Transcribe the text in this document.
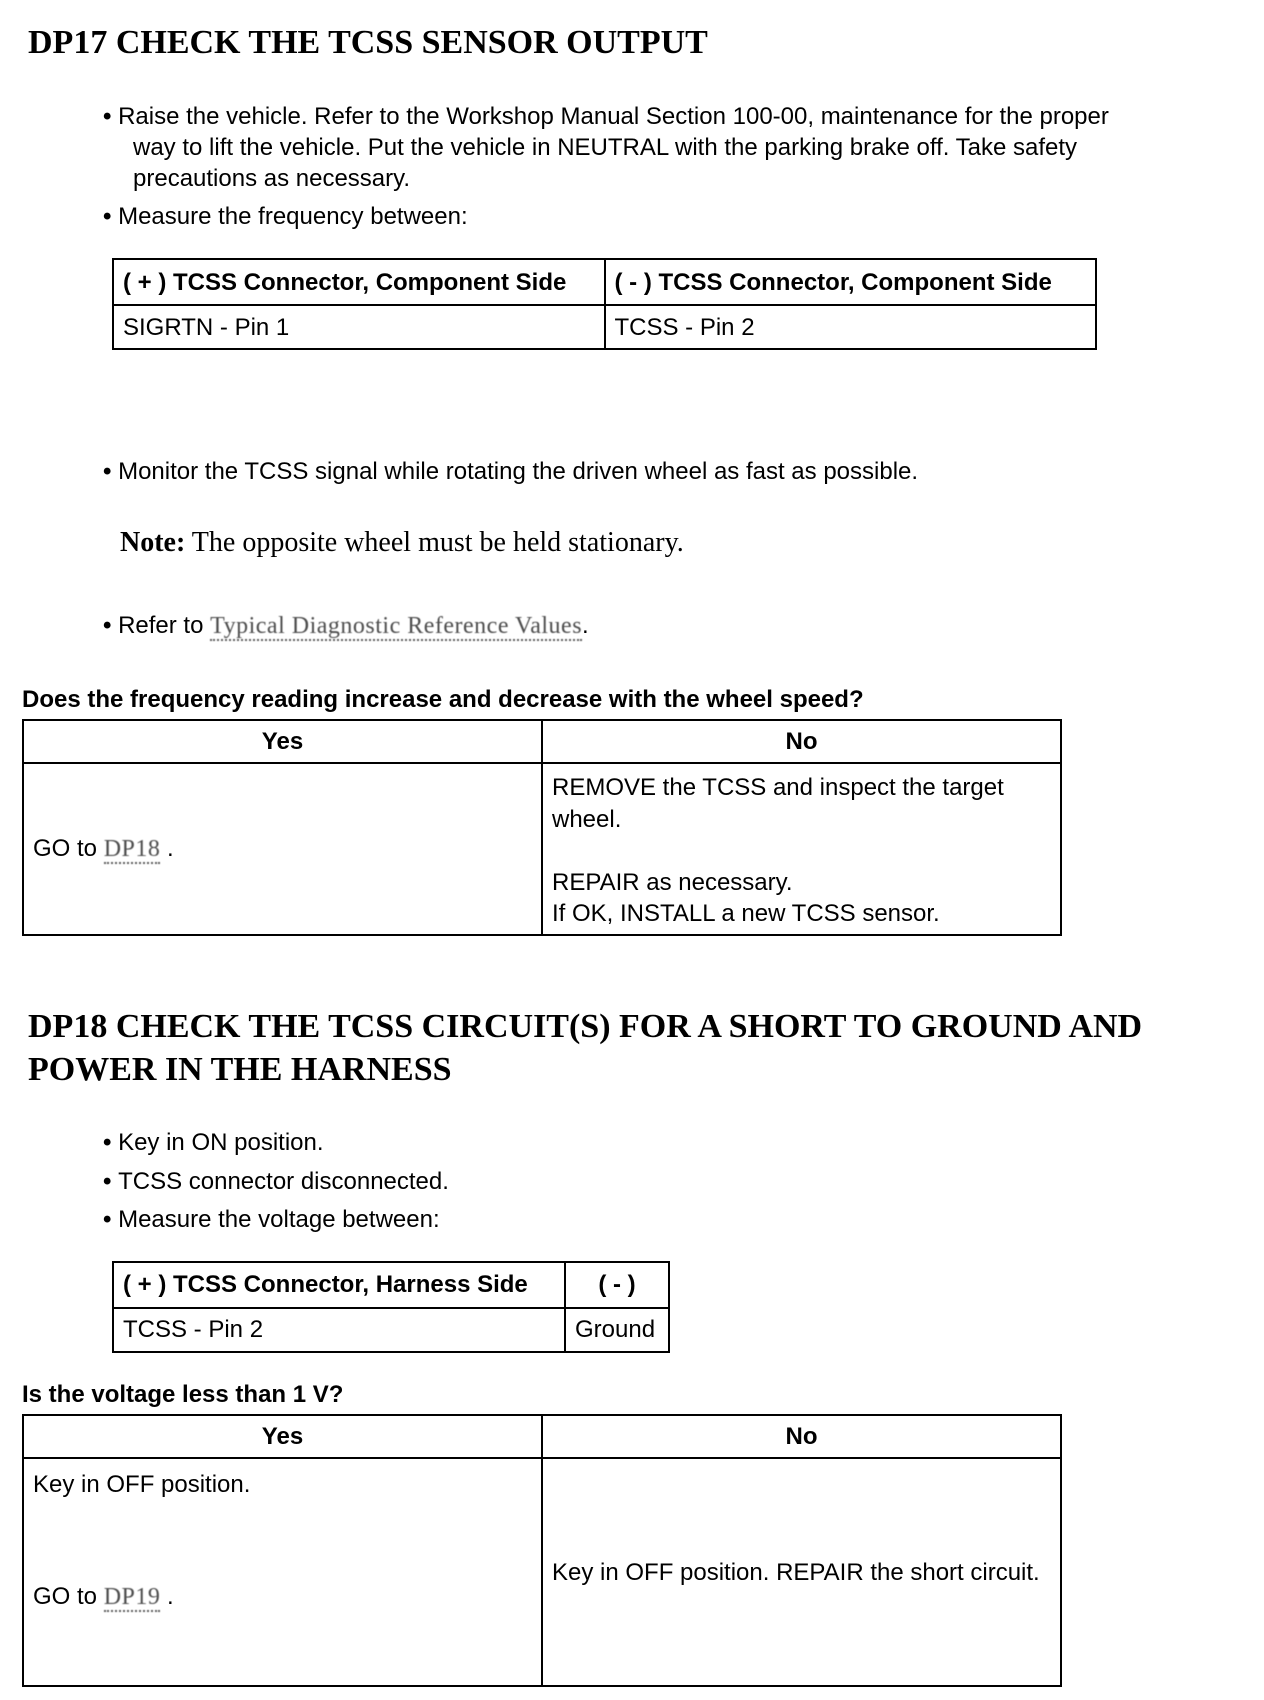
DP17 CHECK THE TCSS SENSOR OUTPUT
• Raise the vehicle. Refer to the Workshop Manual Section 100-00, maintenance for the proper way to lift the vehicle. Put the vehicle in NEUTRAL with the parking brake off. Take safety precautions as necessary.
• Measure the frequency between:
( + ) TCSS Connector, Component Side	( - ) TCSS Connector, Component Side
SIGRTN - Pin 1	TCSS - Pin 2
• Monitor the TCSS signal while rotating the driven wheel as fast as possible.
Note: The opposite wheel must be held stationary.
• Refer to Typical Diagnostic Reference Values.
Does the frequency reading increase and decrease with the wheel speed?
Yes	No
GO to DP18 .	REMOVE the TCSS and inspect the target wheel.

REPAIR as necessary.

If OK, INSTALL a new TCSS sensor.

DP18 CHECK THE TCSS CIRCUIT(S) FOR A SHORT TO GROUND AND POWER IN THE HARNESS
• Key in ON position.
• TCSS connector disconnected.
• Measure the voltage between:
( + ) TCSS Connector, Harness Side	( - )
TCSS - Pin 2	Ground
Is the voltage less than 1 V?
Yes	No

Key in OFF position.

GO to DP19 .	Key in OFF position. REPAIR the short circuit.
